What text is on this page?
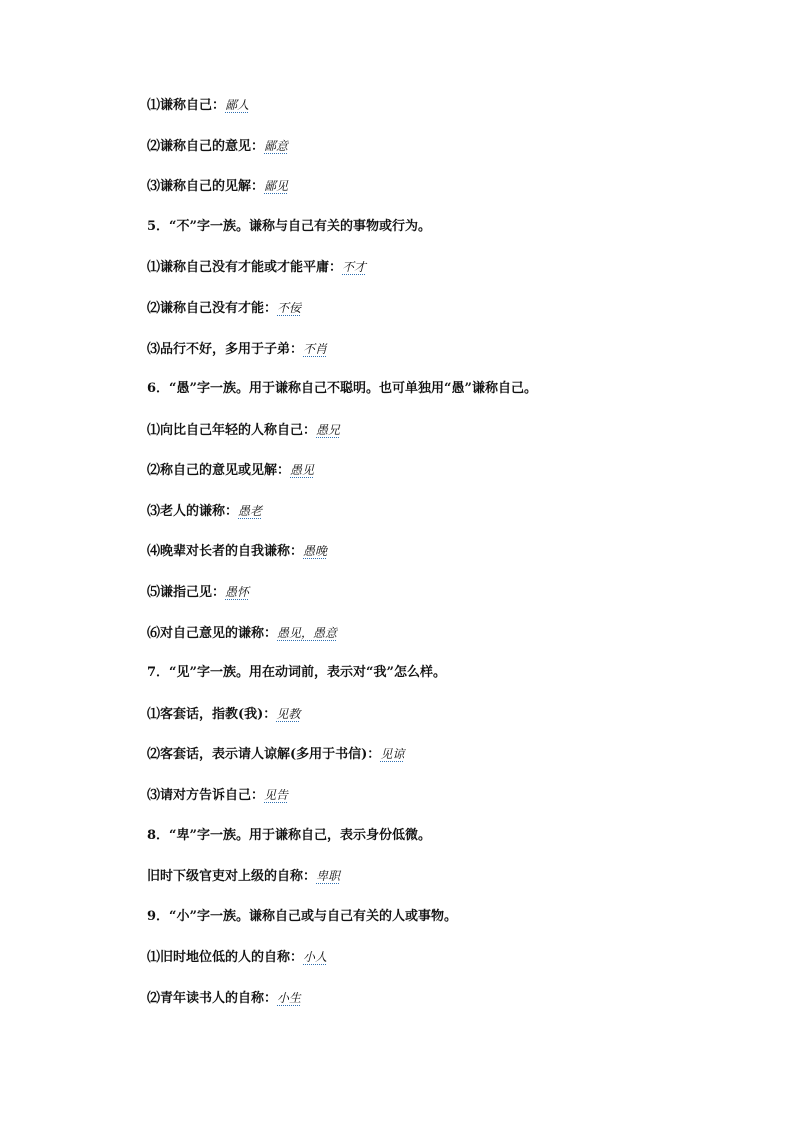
⑴谦称自己：鄙人
⑵谦称自己的意见：鄙意
⑶谦称自己的见解：鄙见
5．“不”字一族。谦称与自己有关的事物或行为。
⑴谦称自己没有才能或才能平庸：不才
⑵谦称自己没有才能：不佞
⑶品行不好，多用于子弟：不肖
6．“愚”字一族。用于谦称自己不聪明。也可单独用“愚”谦称自己。
⑴向比自己年轻的人称自己：愚兄
⑵称自己的意见或见解：愚见
⑶老人的谦称：愚老
⑷晚辈对长者的自我谦称：愚晚
⑸谦指己见：愚怀
⑹对自己意见的谦称：愚见，愚意
7．“见”字一族。用在动词前，表示对“我”怎么样。
⑴客套话，指教(我)：见教
⑵客套话，表示请人谅解(多用于书信)：见谅
⑶请对方告诉自己：见告
8．“卑”字一族。用于谦称自己，表示身份低微。
旧时下级官吏对上级的自称：卑职
9．“小”字一族。谦称自己或与自己有关的人或事物。
⑴旧时地位低的人的自称：小人
⑵青年读书人的自称：小生
